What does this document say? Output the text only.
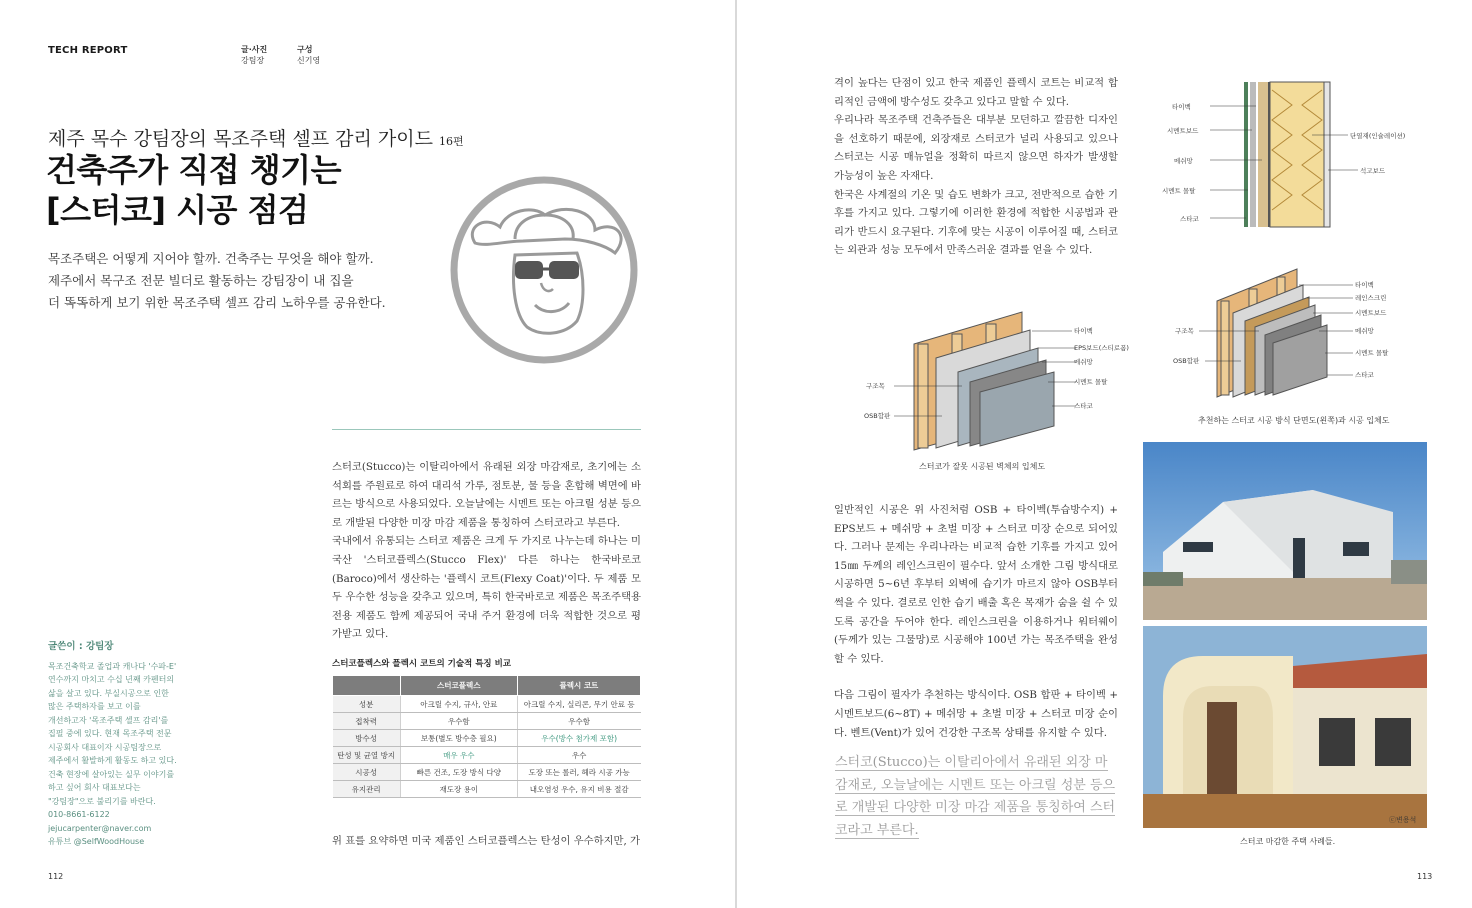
TECH REPORT	글·사진
강팀장
구성
신기영
제주 목수 강팀장의 목조주택 셀프 감리 가이드 16편
건축주가 직접 챙기는
[스터코] 시공 점검
목조주택은 어떻게 지어야 할까. 건축주는 무엇을 해야 할까.
제주에서 목구조 전문 빌더로 활동하는 강팀장이 내 집을
더 똑똑하게 보기 위한 목조주택 셀프 감리 노하우를 공유한다.
글쓴이 : 강팀장
목조건축학교 졸업과 캐나다 '수파-E'
연수까지 마치고 수십 년째 카펜터의
삶을 살고 있다. 부실시공으로 인한
많은 주택하자를 보고 이를
개선하고자 '목조주택 셀프 감리'를
집필 중에 있다. 현재 목조주택 전문
시공회사 대표이자 시공팀장으로
제주에서 활발하게 활동도 하고 있다.
건축 현장에 살아있는 실무 이야기를
하고 싶어 회사 대표보다는
"강팀장"으로 불리기를 바란다.
010-8661-6122
jejucarpenter@naver.com
유튜브 @SelfWoodHouse
스터코(Stucco)는 이탈리아에서 유래된 외장 마감재로, 초기에는 소석회를 주원료로 하여 대리석 가루, 점토분, 물 등을 혼합해 벽면에 바르는 방식으로 사용되었다. 오늘날에는 시멘트 또는 아크릴 성분 등으로 개발된 다양한 미장 마감 제품을 통칭하여 스터코라고 부른다.
국내에서 유통되는 스터코 제품은 크게 두 가지로 나누는데 하나는 미국산 '스터코플렉스(Stucco Flex)' 다른 하나는 한국바로코(Baroco)에서 생산하는 '플렉시 코트(Flexy Coat)'이다. 두 제품 모두 우수한 성능을 갖추고 있으며, 특히 한국바로코 제품은 목조주택용 전용 제품도 함께 제공되어 국내 주거 환경에 더욱 적합한 것으로 평가받고 있다.
스터코플렉스와 플렉시 코트의 기술적 특징 비교
	스터코플렉스	플렉시 코트
성분	아크릴 수지, 규사, 안료	아크릴 수지, 실리콘, 무기 안료 등
접착력	우수함	우수함
방수성	보통(별도 방수층 필요)	우수(방수 첨가제 포함)
탄성 및 균열 방지	매우 우수	우수
시공성	빠른 건조, 도장 방식 다양	도장 또는 롤러, 헤라 시공 가능
유지관리	재도장 용이	내오염성 우수, 유지 비용 절감
위 표를 요약하면 미국 제품인 스터코플렉스는 탄성이 우수하지만, 가
112
격이 높다는 단점이 있고 한국 제품인 플렉시 코트는 비교적 합리적인 금액에 방수성도 갖추고 있다고 말할 수 있다.
우리나라 목조주택 건축주들은 대부분 모던하고 깔끔한 디자인을 선호하기 때문에, 외장재로 스터코가 널리 사용되고 있으나 스터코는 시공 매뉴얼을 정확히 따르지 않으면 하자가 발생할 가능성이 높은 자재다.
한국은 사계절의 기온 및 습도 변화가 크고, 전반적으로 습한 기후를 가지고 있다. 그렇기에 이러한 환경에 적합한 시공법과 관리가 반드시 요구된다. 기후에 맞는 시공이 이루어질 때, 스터코는 외관과 성능 모두에서 만족스러운 결과를 얻을 수 있다.
타이벡
시멘트보드
메쉬망
시멘트 몰탈
스타코
단열재(인슐레이션)
석고보드
타이벡
EPS보드(스티로폼)
메쉬망
시멘트 몰탈
스타코
구조목
OSB합판
스터코가 잘못 시공된 벽체의 입체도
타이벡
레인스크린
시멘트보드
메쉬망
시멘트 몰탈
스타코
구조목
OSB합판
추천하는 스터코 시공 방식 단면도(왼쪽)과 시공 입체도
일반적인 시공은 위 사진처럼 OSB + 타이벡(투습방수지) + EPS보드 + 메쉬망 + 초벌 미장 + 스터코 미장 순으로 되어있다. 그러나 문제는 우리나라는 비교적 습한 기후를 가지고 있어 15㎜ 두께의 레인스크린이 필수다. 앞서 소개한 그림 방식대로 시공하면 5~6년 후부터 외벽에 습기가 마르지 않아 OSB부터 썩을 수 있다. 결로로 인한 습기 배출 혹은 목재가 숨을 쉴 수 있도록 공간을 두어야 한다. 레인스크린을 이용하거나 워터웨이(두께가 있는 그물망)로 시공해야 100년 가는 목조주택을 완성할 수 있다.
다음 그림이 필자가 추천하는 방식이다. OSB 합판 + 타이벡 + 시멘트보드(6~8T) + 메쉬망 + 초벌 미장 + 스터코 미장 순이다. 벤트(Vent)가 있어 건강한 구조목 상태를 유지할 수 있다.
스터코(Stucco)는 이탈리아에서 유래된 외장 마감재로, 오늘날에는 시멘트 또는 아크릴 성분 등으로 개발된 다양한 미장 마감 제품을 통칭하여 스터코라고 부른다.
ⓒ변용석
스터코 마감한 주택 사례들.
113
